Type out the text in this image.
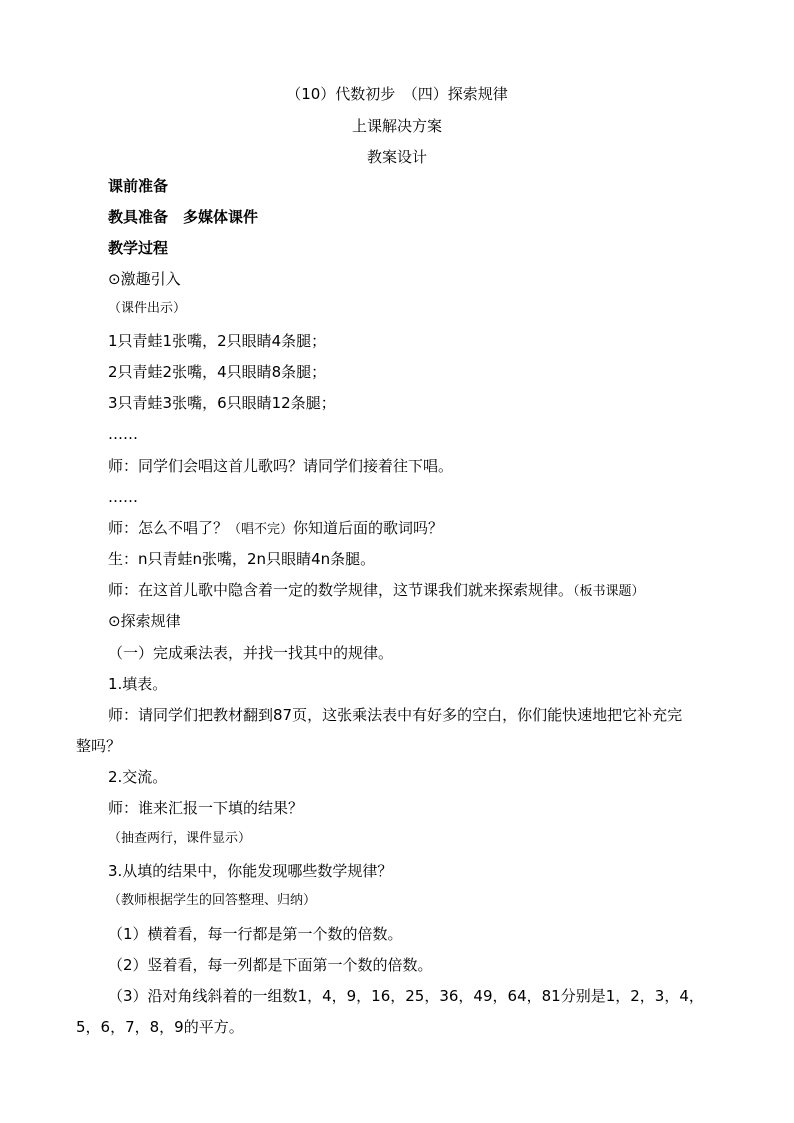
（10）代数初步　（四）探索规律
上课解决方案
教案设计
课前准备
教具准备　多媒体课件
教学过程
⊙激趣引入
（课件出示）
1只青蛙1张嘴，2只眼睛4条腿；
2只青蛙2张嘴，4只眼睛8条腿；
3只青蛙3张嘴，6只眼睛12条腿；
……
师：同学们会唱这首儿歌吗？请同学们接着往下唱。
……
师：怎么不唱了？（唱不完）你知道后面的歌词吗？
生：n只青蛙n张嘴，2n只眼睛4n条腿。
师：在这首儿歌中隐含着一定的数学规律，这节课我们就来探索规律。（板书课题）
⊙探索规律
（一）完成乘法表，并找一找其中的规律。
1.填表。
师：请同学们把教材翻到87页，这张乘法表中有好多的空白，你们能快速地把它补充完
整吗？
2.交流。
师：谁来汇报一下填的结果？
（抽查两行，课件显示）
3.从填的结果中，你能发现哪些数学规律？
（教师根据学生的回答整理、归纳）
（1）横着看，每一行都是第一个数的倍数。
（2）竖着看，每一列都是下面第一个数的倍数。
（3）沿对角线斜着的一组数1，4，9，16，25，36，49，64，81分别是1，2，3，4，
5，6，7，8，9的平方。
